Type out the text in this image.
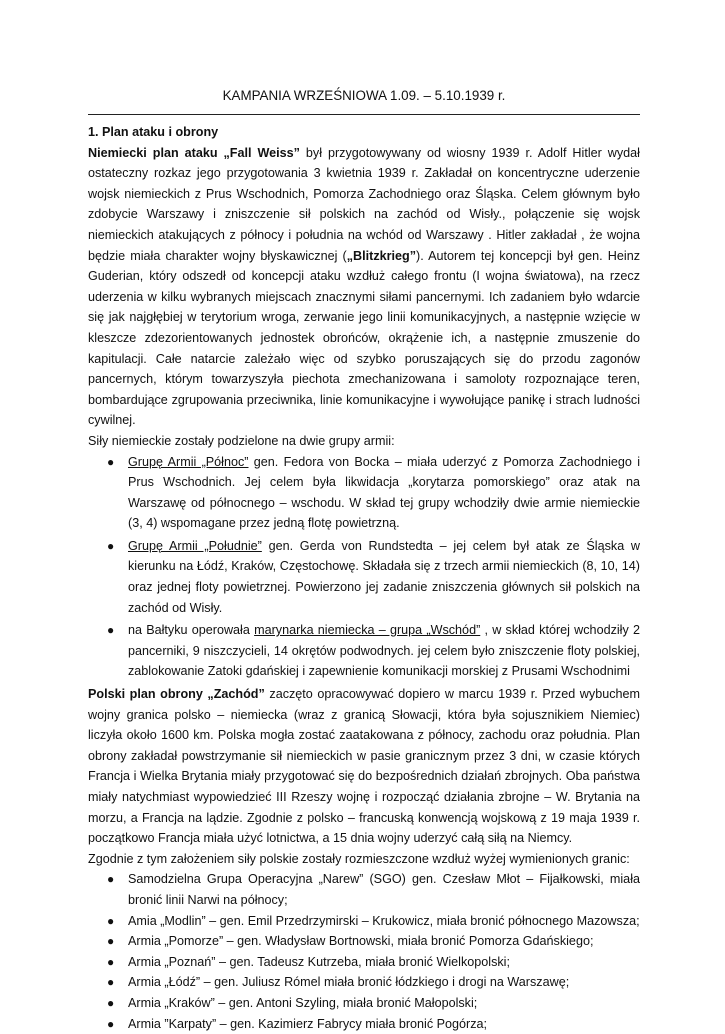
KAMPANIA WRZEŚNIOWA 1.09. – 5.10.1939 r.
1. Plan ataku i obrony

Niemiecki plan ataku „Fall Weiss” był przygotowywany od wiosny 1939 r. Adolf Hitler wydał ostateczny rozkaz jego przygotowania 3 kwietnia 1939 r. Zakładał on koncentryczne uderzenie wojsk niemieckich z Prus Wschodnich, Pomorza Zachodniego oraz Śląska. Celem głównym było zdobycie Warszawy i zniszczenie sił polskich na zachód od Wisły., połączenie się wojsk niemieckich atakujących z północy i południa na wchód od Warszawy . Hitler zakładał , że wojna będzie miała charakter wojny błyskawicznej („Blitzkrieg”). Autorem tej koncepcji był gen. Heinz Guderian, który odszedł od koncepcji ataku wzdłuż całego frontu (I wojna światowa), na rzecz uderzenia w kilku wybranych miejscach znacznymi siłami pancernymi. Ich zadaniem było wdarcie się jak najgłębiej w terytorium wroga, zerwanie jego linii komunikacyjnych, a następnie wzięcie w kleszcze zdezorientowanych jednostek obrońców, okrążenie ich, a następnie zmuszenie do kapitulacji. Całe natarcie zależało więc od szybko poruszających się do przodu zagonów pancernych, którym towarzyszyła piechota zmechanizowana i samoloty rozpoznające teren, bombardujące zgrupowania przeciwnika, linie komunikacyjne i wywołujące panikę i strach ludności cywilnej.

Siły niemieckie zostały podzielone na dwie grupy armii:

● Grupę Armii „Północ” gen. Fedora von Bocka – miała uderzyć z Pomorza Zachodniego i Prus Wschodnich. Jej celem była likwidacja „korytarza pomorskiego” oraz atak na Warszawę od północnego – wschodu. W skład tej grupy wchodziły dwie armie niemieckie (3, 4) wspomagane przez jedną flotę powietrzną.
● Grupę Armii „Południe” gen. Gerda von Rundstedta – jej celem był atak ze Śląska w kierunku na Łódź, Kraków, Częstochowę. Składała się z trzech armii niemieckich (8, 10, 14) oraz jednej floty powietrznej. Powierzono jej zadanie zniszczenia głównych sił polskich na zachód od Wisły.
● na Bałtyku operowała marynarka niemiecka – grupa „Wschód” , w skład której wchodziły 2 pancerniki, 9 niszczycieli, 14 okrętów podwodnych. jej celem było zniszczenie floty polskiej, zablokowanie Zatoki gdańskiej i zapewnienie komunikacji morskiej z Prusami Wschodnimi

Polski plan obrony „Zachód” zaczęto opracowywać dopiero w marcu 1939 r. Przed wybuchem wojny granica polsko – niemiecka (wraz z granicą Słowacji, która była sojusznikiem Niemiec) liczyła około 1600 km. Polska mogła zostać zaatakowana z północy, zachodu oraz południa. Plan obrony zakładał powstrzymanie sił niemieckich w pasie granicznym przez 3 dni, w czasie których Francja i Wielka Brytania miały przygotować się do bezpośrednich działań zbrojnych. Oba państwa miały natychmiast wypowiedzieć III Rzeszy wojnę i rozpocząć działania zbrojne – W. Brytania na morzu, a Francja na lądzie. Zgodnie z polsko – francuską konwencją wojskową z 19 maja 1939 r. początkowo Francja miała użyć lotnictwa, a 15 dnia wojny uderzyć całą siłą na Niemcy.

Zgodnie z tym założeniem siły polskie zostały rozmieszczone wzdłuż wyżej wymienionych granic:

● Samodzielna Grupa Operacyjna „Narew” (SGO) gen. Czesław Młot – Fijałkowski, miała bronić linii Narwi na północy;
● Amia „Modlin” – gen. Emil Przedrzymirski – Krukowicz, miała bronić północnego Mazowsza;
● Armia „Pomorze” – gen. Władysław Bortnowski, miała bronić Pomorza Gdańskiego;
● Armia „Poznań” – gen. Tadeusz Kutrzeba, miała bronić Wielkopolski;
● Armia „Łódź” – gen. Juliusz Rómel miała bronić łódzkiego i drogi na Warszawę;
● Armia „Kraków” – gen. Antoni Szyling, miała bronić Małopolski;
● Armia ”Karpaty” – gen. Kazimierz Fabrycy miała bronić Pogórza;
